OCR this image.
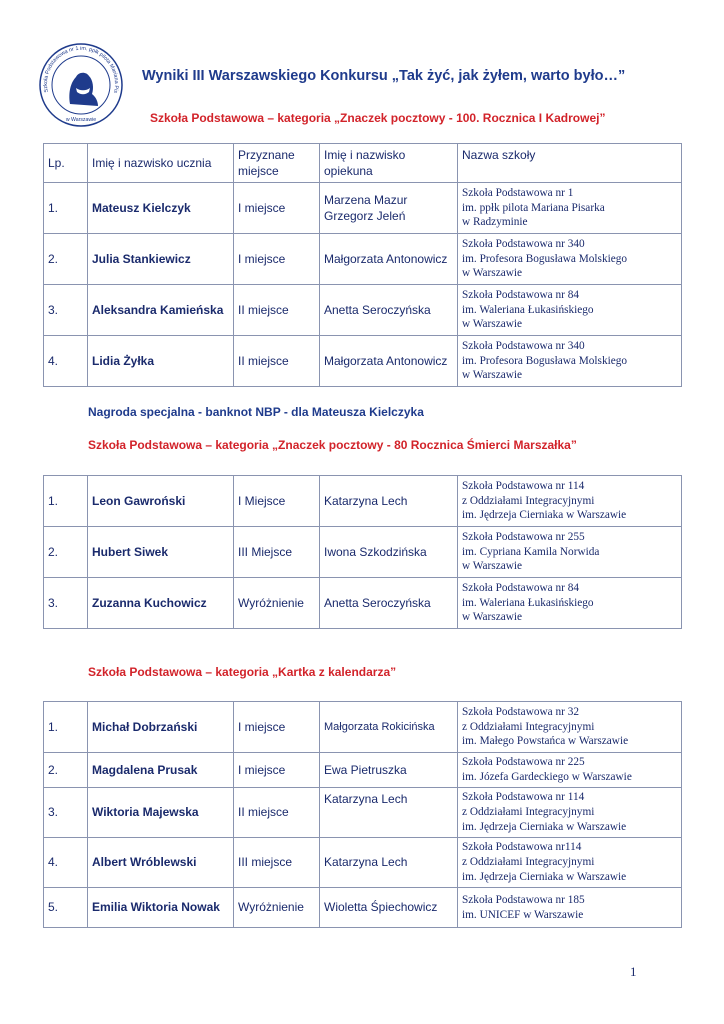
Szkoła Podstawowa nr 1 im. ppłk pilota Mariana Pis
w Warszawie
Wyniki III Warszawskiego Konkursu „Tak żyć, jak żyłem, warto było…”
Szkoła Podstawowa – kategoria „Znaczek pocztowy - 100. Rocznica I Kadrowej”
Lp.	Imię i nazwisko ucznia	Przyznane miejsce	Imię i nazwisko opiekuna	Nazwa szkoły
1.	Mateusz Kielczyk	I miejsce	Marzena Mazur Grzegorz Jeleń	Szkoła Podstawowa nr 1
im. ppłk pilota Mariana Pisarka
w Radzyminie

2.	Julia Stankiewicz	I miejsce	Małgorzata Antonowicz	Szkoła Podstawowa nr 340
im. Profesora Bogusława Molskiego
w Warszawie

3.	Aleksandra Kamieńska	II miejsce	Anetta Seroczyńska	Szkoła Podstawowa nr 84
im. Waleriana Łukasińskiego
w Warszawie

4.	Lidia Żyłka	II miejsce	Małgorzata Antonowicz	Szkoła Podstawowa nr 340
im. Profesora Bogusława Molskiego
w Warszawie
Nagroda specjalna - banknot NBP - dla Mateusza Kielczyka
Szkoła Podstawowa – kategoria „Znaczek pocztowy - 80 Rocznica Śmierci Marszałka”
1.	Leon Gawroński	I Miejsce	Katarzyna Lech	Szkoła Podstawowa nr 114
z Oddziałami Integracyjnymi
im. Jędrzeja Cierniaka w Warszawie

2.	Hubert Siwek	III Miejsce	Iwona Szkodzińska	Szkoła Podstawowa nr 255
im. Cypriana Kamila Norwida
w Warszawie

3.	Zuzanna Kuchowicz	Wyróżnienie	Anetta Seroczyńska	Szkoła Podstawowa nr 84
im. Waleriana Łukasińskiego
w Warszawie
Szkoła Podstawowa – kategoria „Kartka z kalendarza”
1.	Michał Dobrzański	I miejsce	Małgorzata Rokicińska	Szkoła Podstawowa nr 32
z Oddziałami Integracyjnymi
im. Małego Powstańca w Warszawie

2.	Magdalena Prusak	I miejsce	Ewa Pietruszka	Szkoła Podstawowa nr 225
im. Józefa Gardeckiego w Warszawie

3.	Wiktoria Majewska	II miejsce	Katarzyna Lech	Szkoła Podstawowa nr 114
z Oddziałami Integracyjnymi
im. Jędrzeja Cierniaka w Warszawie

4.	Albert Wróblewski	III miejsce	Katarzyna Lech	Szkoła Podstawowa nr114
z Oddziałami Integracyjnymi
im. Jędrzeja Cierniaka w Warszawie

5.	Emilia Wiktoria Nowak	Wyróżnienie	Wioletta Śpiechowicz	Szkoła Podstawowa nr 185
im. UNICEF w Warszawie
1
